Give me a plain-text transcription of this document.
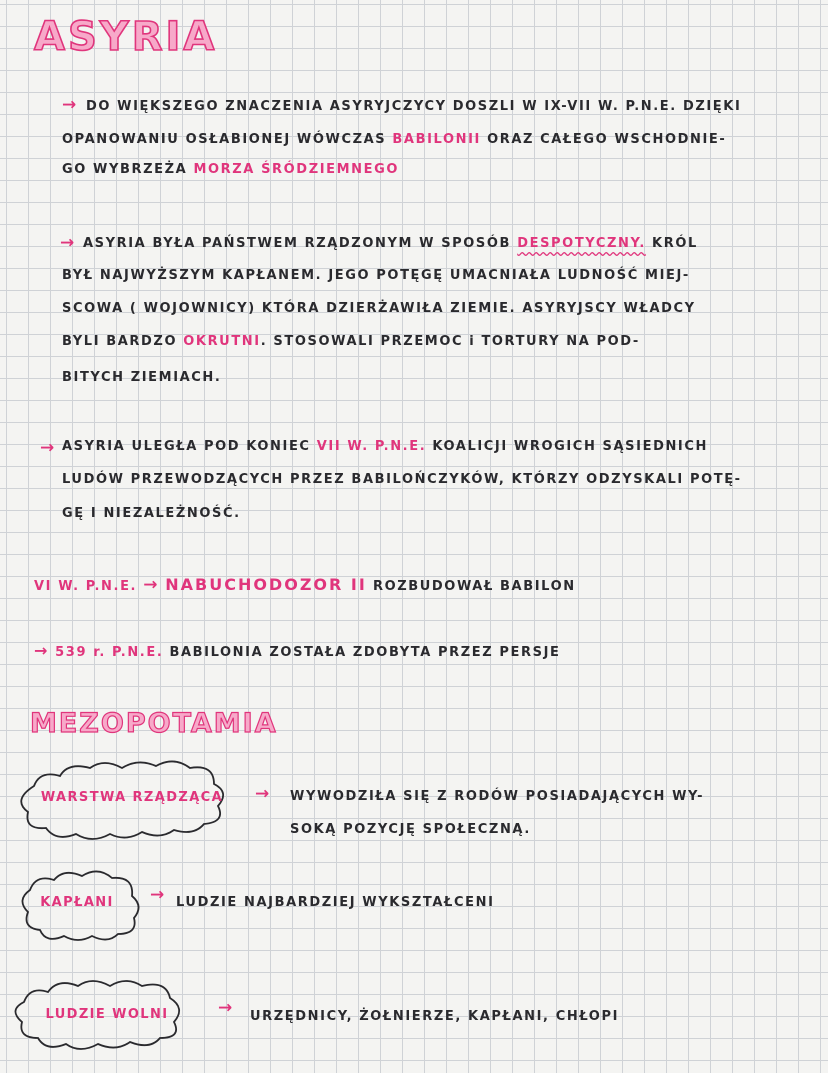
ASYRIA
→ DO WIĘKSZEGO ZNACZENIA ASYRYJCZYCY DOSZLI W IX-VII W. P.N.E. DZIĘKI
OPANOWANIU OSŁABIONEJ WÓWCZAS BABILONII ORAZ CAŁEGO WSCHODNIE-
GO WYBRZEŻA MORZA ŚRÓDZIEMNEGO
→ ASYRIA BYŁA PAŃSTWEM RZĄDZONYM W SPOSÓB DESPOTYCZNY. KRÓL
BYŁ NAJWYŻSZYM KAPŁANEM. JEGO POTĘGĘ UMACNIAŁA LUDNOŚĆ MIEJ-
SCOWA ( WOJOWNICY) KTÓRA DZIERŻAWIŁA ZIEMIE. ASYRYJSCY WŁADCY
BYLI BARDZO OKRUTNI. STOSOWALI PRZEMOC i TORTURY NA POD-
BITYCH ZIEMIACH.
→ ASYRIA ULEGŁA POD KONIEC VII W. P.N.E. KOALICJI WROGICH SĄSIEDNICH
LUDÓW PRZEWODZĄCYCH PRZEZ BABILOŃCZYKÓW, KTÓRZY ODZYSKALI POTĘ-
GĘ I NIEZALEŻNOŚĆ.
VI W. P.N.E. → NABUCHODOZOR II ROZBUDOWAŁ BABILON
→ 539 r. P.N.E. BABILONIA ZOSTAŁA ZDOBYTA PRZEZ PERSJE
MEZOPOTAMIA
WARSTWA RZĄDZĄCA	→ WYWODZIŁA SIĘ Z RODÓW POSIADAJĄCYCH WY-
SOKĄ POZYCJĘ SPOŁECZNĄ.
KAPŁANI	→ LUDZIE NAJBARDZIEJ WYKSZTAŁCENI
LUDZIE WOLNI	→ URZĘDNICY, ŻOŁNIERZE, KAPŁANI, CHŁOPI
